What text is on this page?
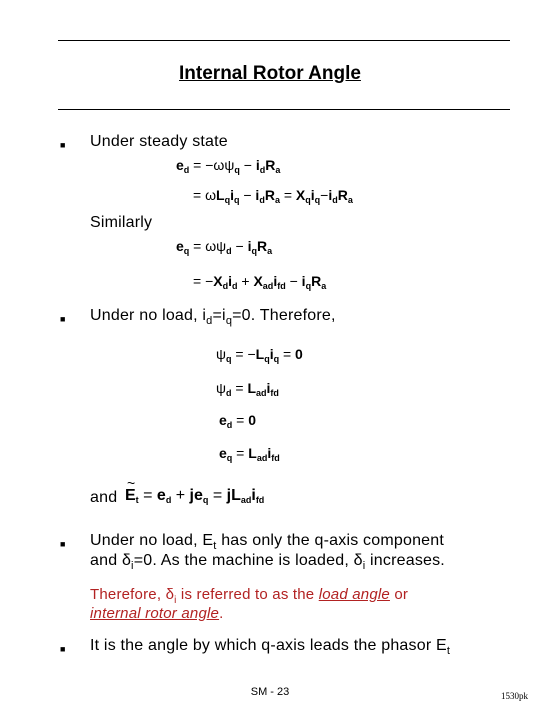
Internal Rotor Angle
■ Under steady state
$e_d = -\omega\psi_q - i_dR_a$
= $\omega L_qi_q - i_dR_a = X_qi_q-i_dR_a$
Similarly
$e_q = \omega\psi_d - i_qR_a$
= $-X_di_d + X_{ad}i_{fd} - i_qR_a$
■ Under no load, $i_d=i_q=0$. Therefore,
$\psi_q = -L_qi_q = 0$
$\psi_d = L_{ad}i_{fd}$
$e_d = 0$
$e_q = L_{ad}i_{fd}$
and
~ $E_t = e_d + je_q = jL_{ad}i_{fd}$
■ Under no load, $E_t$ has only the q-axis component
and $\delta_i=0$. As the machine is loaded, $\delta_i$ increases.
Therefore, $\delta_i$ is referred to as the load angle or
internal rotor angle.
■ It is the angle by which q-axis leads the phasor $E_t$
SM - 23	1530pk
